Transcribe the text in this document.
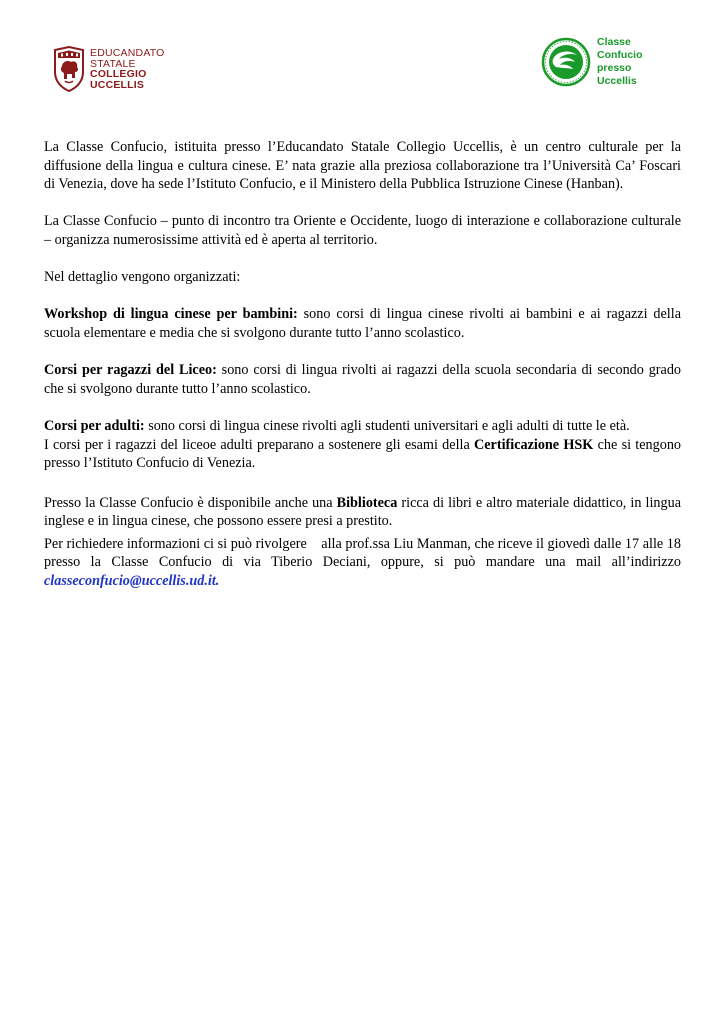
EDUCANDATO
STATALE
COLLEGIO
UCCELLIS
Classe
Confucio
presso
Uccellis

La Classe Confucio, istituita presso l’Educandato Statale Collegio Uccellis, è un centro culturale per la diffusione della lingua e cultura cinese. E’ nata grazie alla preziosa collaborazione tra l’Università Ca’ Foscari di Venezia, dove ha sede l’Istituto Confucio, e il Ministero della Pubblica Istruzione Cinese (Hanban).

La Classe Confucio – punto di incontro tra Oriente e Occidente, luogo di interazione e collaborazione culturale – organizza numerosissime attività ed è aperta al territorio.

Nel dettaglio vengono organizzati:

Workshop di lingua cinese per bambini: sono corsi di lingua cinese rivolti ai bambini e ai ragazzi della scuola elementare e media che si svolgono durante tutto l’anno scolastico.

Corsi per ragazzi del Liceo: sono corsi di lingua rivolti ai ragazzi della scuola secondaria di secondo grado che si svolgono durante tutto l’anno scolastico.

Corsi per adulti: sono corsi di lingua cinese rivolti agli studenti universitari e agli adulti di tutte le età.

I corsi per i ragazzi del liceoe adulti preparano a sostenere gli esami della Certificazione HSK che si tengono presso l’Istituto Confucio di Venezia.

Presso la Classe Confucio è disponibile anche una Biblioteca ricca di libri e altro materiale didattico, in lingua inglese e in lingua cinese, che possono essere presi a prestito.

Per richiedere informazioni ci si può rivolgere    alla prof.ssa Liu Manman, che riceve il giovedì dalle 17 alle 18 presso la Classe Confucio di via Tiberio Deciani, oppure, si può mandare una mail all’indirizzo classeconfucio@uccellis.ud.it.
